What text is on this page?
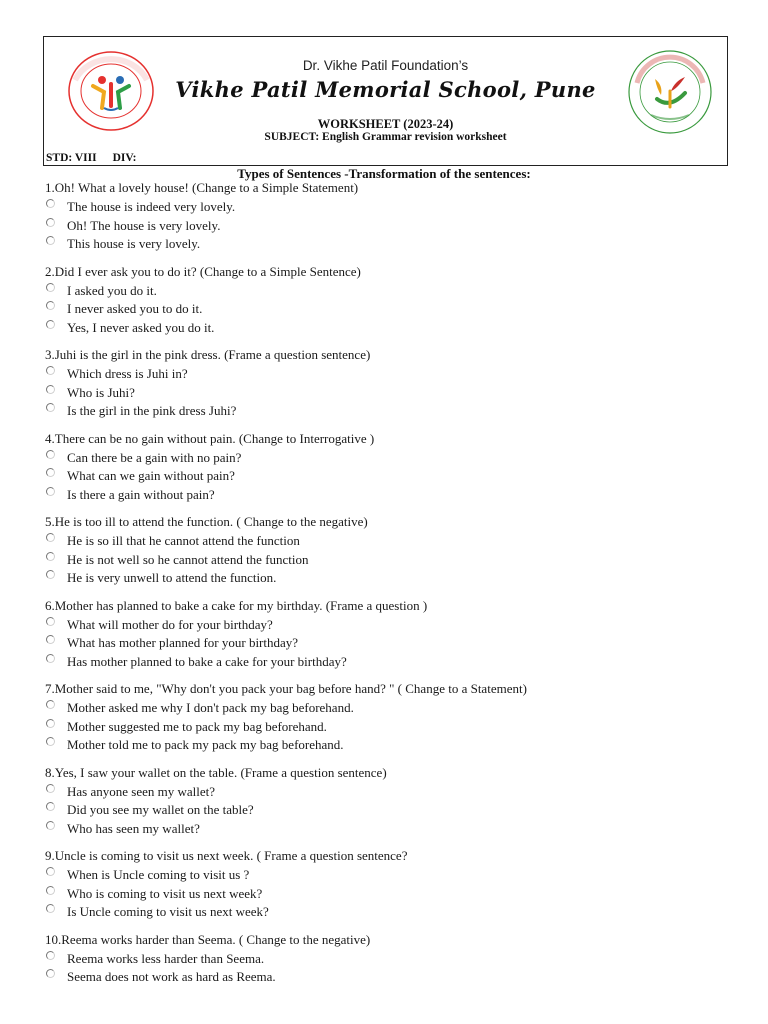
Dr. Vikhe Patil Foundation’s
Vikhe Patil Memorial School, Pune
WORKSHEET (2023-24)
SUBJECT: English Grammar revision worksheet
STD: VIII DIV:
Types of Sentences -Transformation of the sentences:
1.Oh! What a lovely house! (Change to a Simple Statement)
The house is indeed very lovely.
Oh! The house is very lovely.
This house is very lovely.
2.Did I ever ask you to do it? (Change to a Simple Sentence)
I asked you do it.
I never asked you to do it.
Yes, I never asked you do it.
3.Juhi is the girl in the pink dress. (Frame a question sentence)
Which dress is Juhi in?
Who is Juhi?
Is the girl in the pink dress Juhi?
4.There can be no gain without pain. (Change to Interrogative )
Can there be a gain with no pain?
What can we gain without pain?
Is there a gain without pain?
5.He is too ill to attend the function. ( Change to the negative)
He is so ill that he cannot attend the function
He is not well so he cannot attend the function
He is very unwell to attend the function.
6.Mother has planned to bake a cake for my birthday. (Frame a question )
What will mother do for your birthday?
What has mother planned for your birthday?
Has mother planned to bake a cake for your birthday?
7.Mother said to me, "Why don't you pack your bag before hand? " ( Change to a Statement)
Mother asked me why I don't pack my bag beforehand.
Mother suggested me to pack my bag beforehand.
Mother told me to pack my pack my bag beforehand.
8.Yes, I saw your wallet on the table. (Frame a question sentence)
Has anyone seen my wallet?
Did you see my wallet on the table?
Who has seen my wallet?
9.Uncle is coming to visit us next week. ( Frame a question sentence?
When is Uncle coming to visit us ?
Who is coming to visit us next week?
Is Uncle coming to visit us next week?
10.Reema works harder than Seema. ( Change to the negative)
Reema works less harder than Seema.
Seema does not work as hard as Reema.
